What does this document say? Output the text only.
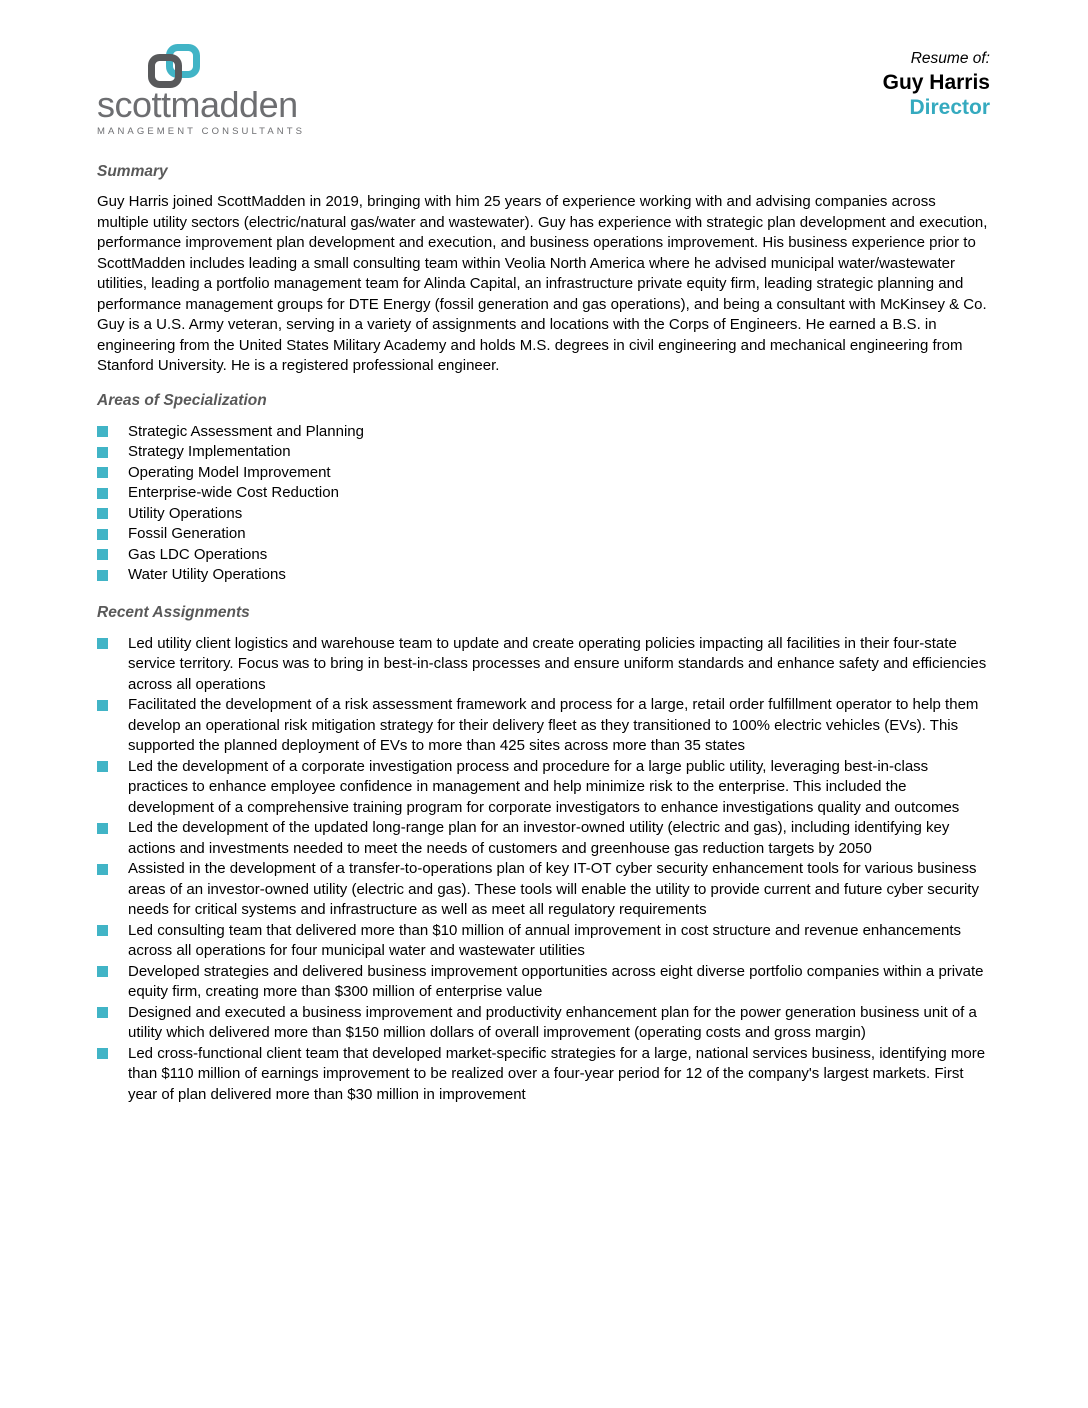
scottmadden
MANAGEMENT CONSULTANTS
Resume of:
Guy Harris
Director
Summary
Guy Harris joined ScottMadden in 2019, bringing with him 25 years of experience working with and advising companies across multiple utility sectors (electric/natural gas/water and wastewater). Guy has experience with strategic plan development and execution, performance improvement plan development and execution, and business operations improvement. His business experience prior to ScottMadden includes leading a small consulting team within Veolia North America where he advised municipal water/wastewater utilities, leading a portfolio management team for Alinda Capital, an infrastructure private equity firm, leading strategic planning and performance management groups for DTE Energy (fossil generation and gas operations), and being a consultant with McKinsey & Co. Guy is a U.S. Army veteran, serving in a variety of assignments and locations with the Corps of Engineers. He earned a B.S. in engineering from the United States Military Academy and holds M.S. degrees in civil engineering and mechanical engineering from Stanford University. He is a registered professional engineer.
Areas of Specialization
Strategic Assessment and Planning
Strategy Implementation
Operating Model Improvement
Enterprise-wide Cost Reduction
Utility Operations
Fossil Generation
Gas LDC Operations
Water Utility Operations
Recent Assignments
Led utility client logistics and warehouse team to update and create operating policies impacting all facilities in their four-state service territory. Focus was to bring in best-in-class processes and ensure uniform standards and enhance safety and efficiencies across all operations
Facilitated the development of a risk assessment framework and process for a large, retail order fulfillment operator to help them develop an operational risk mitigation strategy for their delivery fleet as they transitioned to 100% electric vehicles (EVs). This supported the planned deployment of EVs to more than 425 sites across more than 35 states
Led the development of a corporate investigation process and procedure for a large public utility, leveraging best-in-class practices to enhance employee confidence in management and help minimize risk to the enterprise. This included the development of a comprehensive training program for corporate investigators to enhance investigations quality and outcomes
Led the development of the updated long-range plan for an investor-owned utility (electric and gas), including identifying key actions and investments needed to meet the needs of customers and greenhouse gas reduction targets by 2050
Assisted in the development of a transfer-to-operations plan of key IT-OT cyber security enhancement tools for various business areas of an investor-owned utility (electric and gas). These tools will enable the utility to provide current and future cyber security needs for critical systems and infrastructure as well as meet all regulatory requirements
Led consulting team that delivered more than $10 million of annual improvement in cost structure and revenue enhancements across all operations for four municipal water and wastewater utilities
Developed strategies and delivered business improvement opportunities across eight diverse portfolio companies within a private equity firm, creating more than $300 million of enterprise value
Designed and executed a business improvement and productivity enhancement plan for the power generation business unit of a utility which delivered more than $150 million dollars of overall improvement (operating costs and gross margin)
Led cross-functional client team that developed market-specific strategies for a large, national services business, identifying more than $110 million of earnings improvement to be realized over a four-year period for 12 of the company's largest markets. First year of plan delivered more than $30 million in improvement
